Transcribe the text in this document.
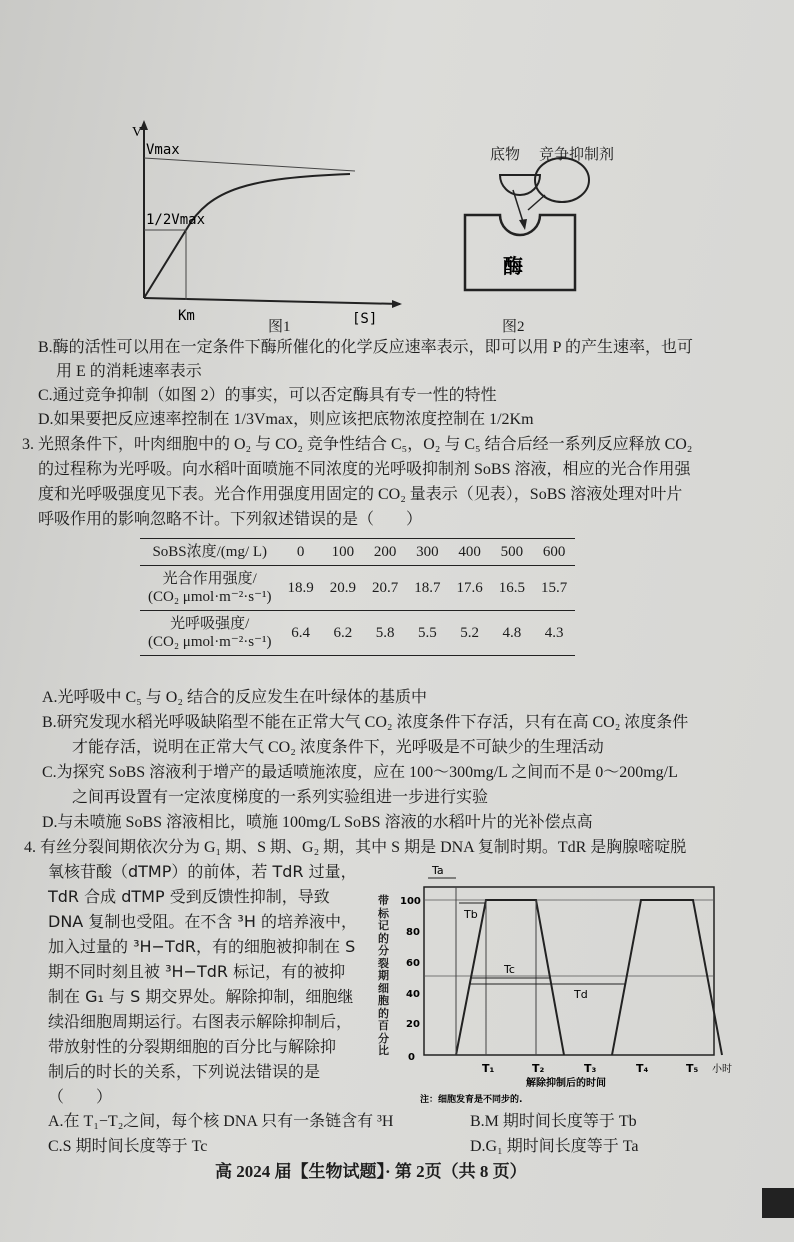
V
Vmax
1/2Vmax
Km	[S]
图1
酶
底物 竞争抑制剂
图2
B.酶的活性可以用在一定条件下酶所催化的化学反应速率表示，即可以用 P 的产生速率，也可
用 E 的消耗速率表示
C.通过竞争抑制（如图 2）的事实，可以否定酶具有专一性的特性
D.如果要把反应速率控制在 1/3Vmax，则应该把底物浓度控制在 1/2Km
3. 光照条件下，叶肉细胞中的 O₂ 与 CO₂ 竞争性结合 C₅，O₂ 与 C₅ 结合后经一系列反应释放 CO₂
的过程称为光呼吸。向水稻叶面喷施不同浓度的光呼吸抑制剂 SoBS 溶液，相应的光合作用强
度和光呼吸强度见下表。光合作用强度用固定的 CO₂ 量表示（见表），SoBS 溶液处理对叶片
呼吸作用的影响忽略不计。下列叙述错误的是（　　）
SoBS浓度/(mg/ L)	0	100	200	300	400	500	600
光合作用强度/
(CO₂ μmol·m⁻²·s⁻¹)	18.9	20.9	20.7	18.7	17.6	16.5	15.7
光呼吸强度/
(CO₂ μmol·m⁻²·s⁻¹)	6.4	6.2	5.8	5.5	5.2	4.8	4.3
A.光呼吸中 C₅ 与 O₂ 结合的反应发生在叶绿体的基质中
B.研究发现水稻光呼吸缺陷型不能在正常大气 CO₂ 浓度条件下存活，只有在高 CO₂ 浓度条件
才能存活，说明在正常大气 CO₂ 浓度条件下，光呼吸是不可缺少的生理活动
C.为探究 SoBS 溶液利于增产的最适喷施浓度，应在 100～300mg/L 之间而不是 0～200mg/L
之间再设置有一定浓度梯度的一系列实验组进一步进行实验
D.与未喷施 SoBS 溶液相比，喷施 100mg/L SoBS 溶液的水稻叶片的光补偿点高
4. 有丝分裂间期依次分为 G₁ 期、S 期、G₂ 期，其中 S 期是 DNA 复制时期。TdR 是胸腺嘧啶脱
氧核苷酸（dTMP）的前体，若 TdR 过量，
TdR 合成 dTMP 受到反馈性抑制，导致
DNA 复制也受阻。在不含 ³H 的培养液中，
加入过量的 ³H−TdR，有的细胞被抑制在 S
期不同时刻且被 ³H−TdR 标记，有的被抑
制在 G₁ 与 S 期交界处。解除抑制，细胞继
续沿细胞周期运行。右图表示解除抑制后，
带放射性的分裂期细胞的百分比与解除抑
制后的时长的关系，下列说法错误的是
（　　）
A.在 T₁−T₂之间，每个核 DNA 只有一条链含有 ³H	B.M 期时间长度等于 Tb
C.S 期时间长度等于 Tc	D.G₁ 期时间长度等于 Ta
Ta
Tb
Tc
Td
0
20
40
60
80
100
T₁	T₂	T₃	T₄	T₅ 小时
解除抑制后的时间
注：细胞发育是不同步的.
带标记的分裂期细胞的百分比
高 2024 届【生物试题】· 第 2页（共 8 页）
